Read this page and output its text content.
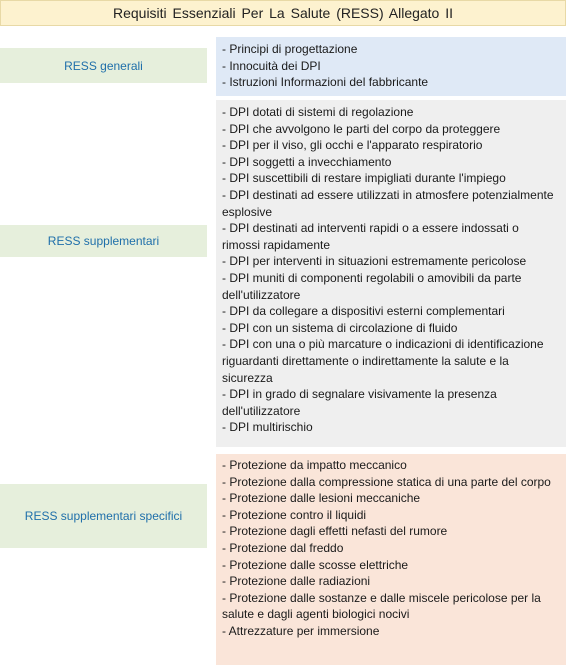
Requisiti Essenziali Per La Salute (RESS) Allegato II
RESS generali
- Principi di progettazione
- Innocuità dei DPI
- Istruzioni Informazioni del fabbricante
RESS supplementari
- DPI dotati di sistemi di regolazione
- DPI che avvolgono le parti del corpo da proteggere
- DPI per il viso, gli occhi e l'apparato respiratorio
- DPI soggetti a invecchiamento
- DPI suscettibili di restare impigliati durante l'impiego
- DPI destinati ad essere utilizzati in atmosfere potenzialmente esplosive
- DPI destinati ad interventi rapidi o a essere indossati o rimossi rapidamente
- DPI per interventi in situazioni estremamente pericolose
- DPI muniti di componenti regolabili o amovibili da parte dell'utilizzatore
- DPI da collegare a dispositivi esterni complementari
- DPI con un sistema di circolazione di fluido
- DPI con una o più marcature o indicazioni di identificazione riguardanti direttamente o indirettamente la salute e la sicurezza
- DPI in grado di segnalare visivamente la presenza dell'utilizzatore
- DPI multirischio
RESS supplementari specifici
- Protezione da impatto meccanico
- Protezione dalla compressione statica di una parte del corpo
- Protezione dalle lesioni meccaniche
- Protezione contro il liquidi
- Protezione dagli effetti nefasti del rumore
- Protezione dal freddo
- Protezione dalle scosse elettriche
- Protezione dalle radiazioni
- Protezione dalle sostanze e dalle miscele pericolose per la salute e dagli agenti biologici nocivi
- Attrezzature per immersione
